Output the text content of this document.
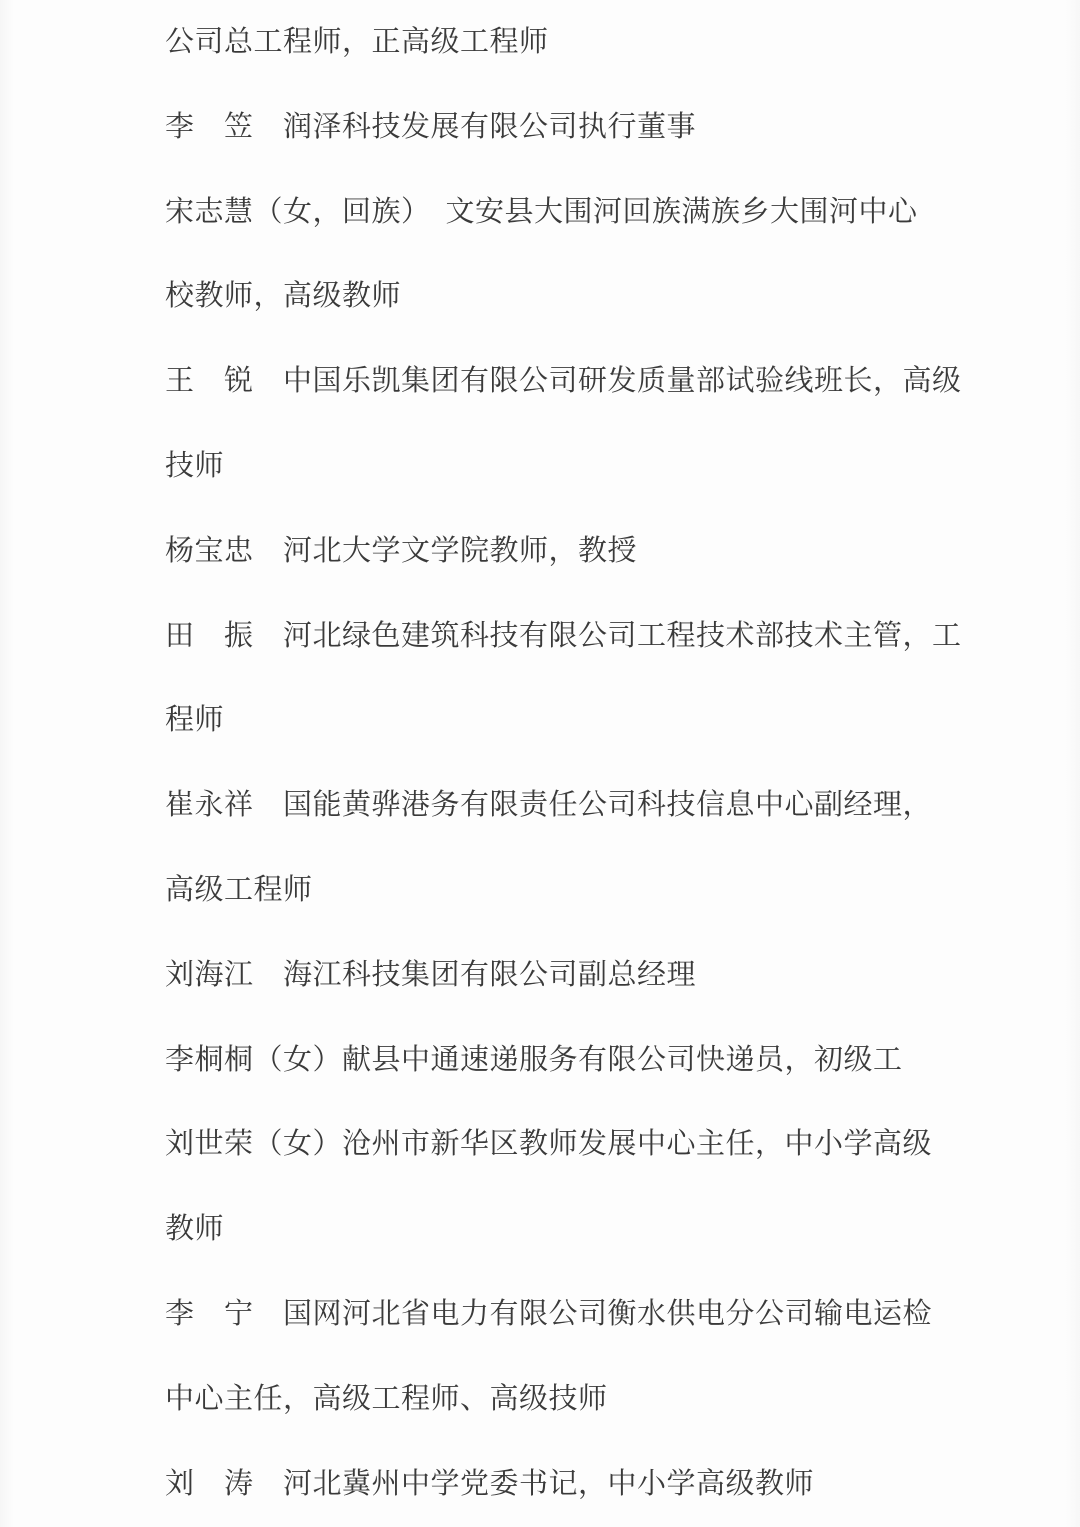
公司总工程师，正高级工程师

李　笠　润泽科技发展有限公司执行董事

宋志慧（女，回族）　文安县大围河回族满族乡大围河中心

校教师，高级教师

王　锐　中国乐凯集团有限公司研发质量部试验线班长，高级

技师

杨宝忠　河北大学文学院教师，教授

田　振　河北绿色建筑科技有限公司工程技术部技术主管，工

程师

崔永祥　国能黄骅港务有限责任公司科技信息中心副经理，

高级工程师

刘海江　海江科技集团有限公司副总经理

李桐桐（女）献县中通速递服务有限公司快递员，初级工

刘世荣（女）沧州市新华区教师发展中心主任，中小学高级

教师

李　宁　国网河北省电力有限公司衡水供电分公司输电运检

中心主任，高级工程师、高级技师

刘　涛　河北冀州中学党委书记，中小学高级教师
